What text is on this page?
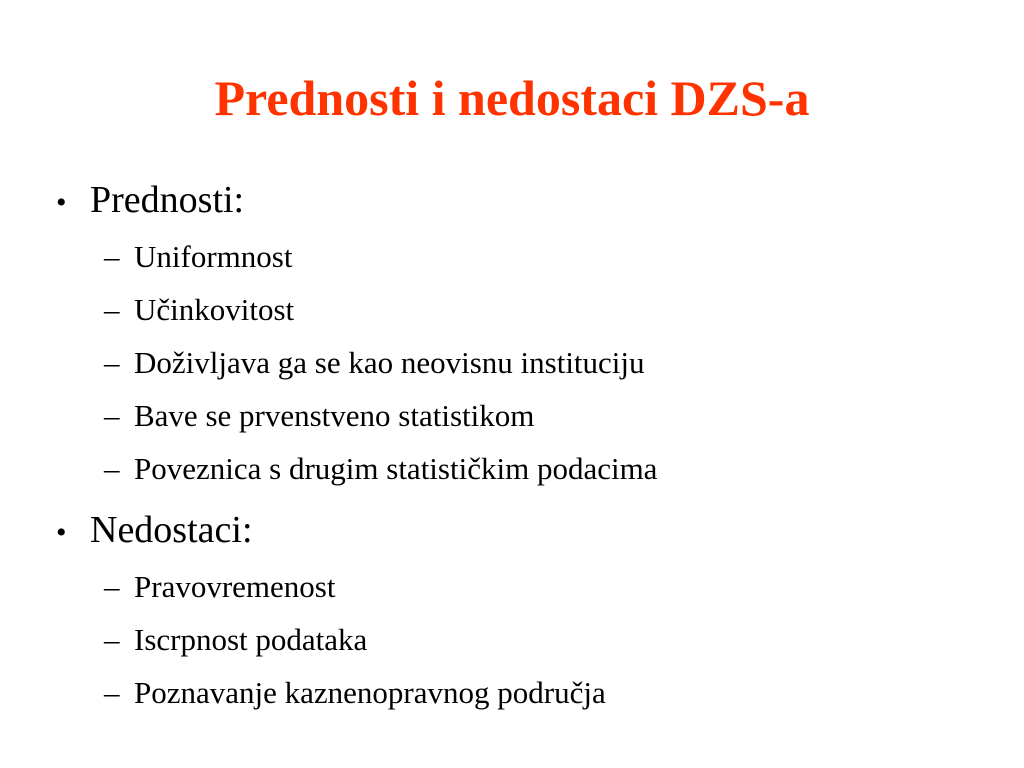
Prednosti i nedostaci DZS-a
• Prednosti:
– Uniformnost
– Učinkovitost
– Doživljava ga se kao neovisnu instituciju
– Bave se prvenstveno statistikom
– Poveznica s drugim statističkim podacima
• Nedostaci:
– Pravovremenost
– Iscrpnost podataka
– Poznavanje kaznenopravnog područja
